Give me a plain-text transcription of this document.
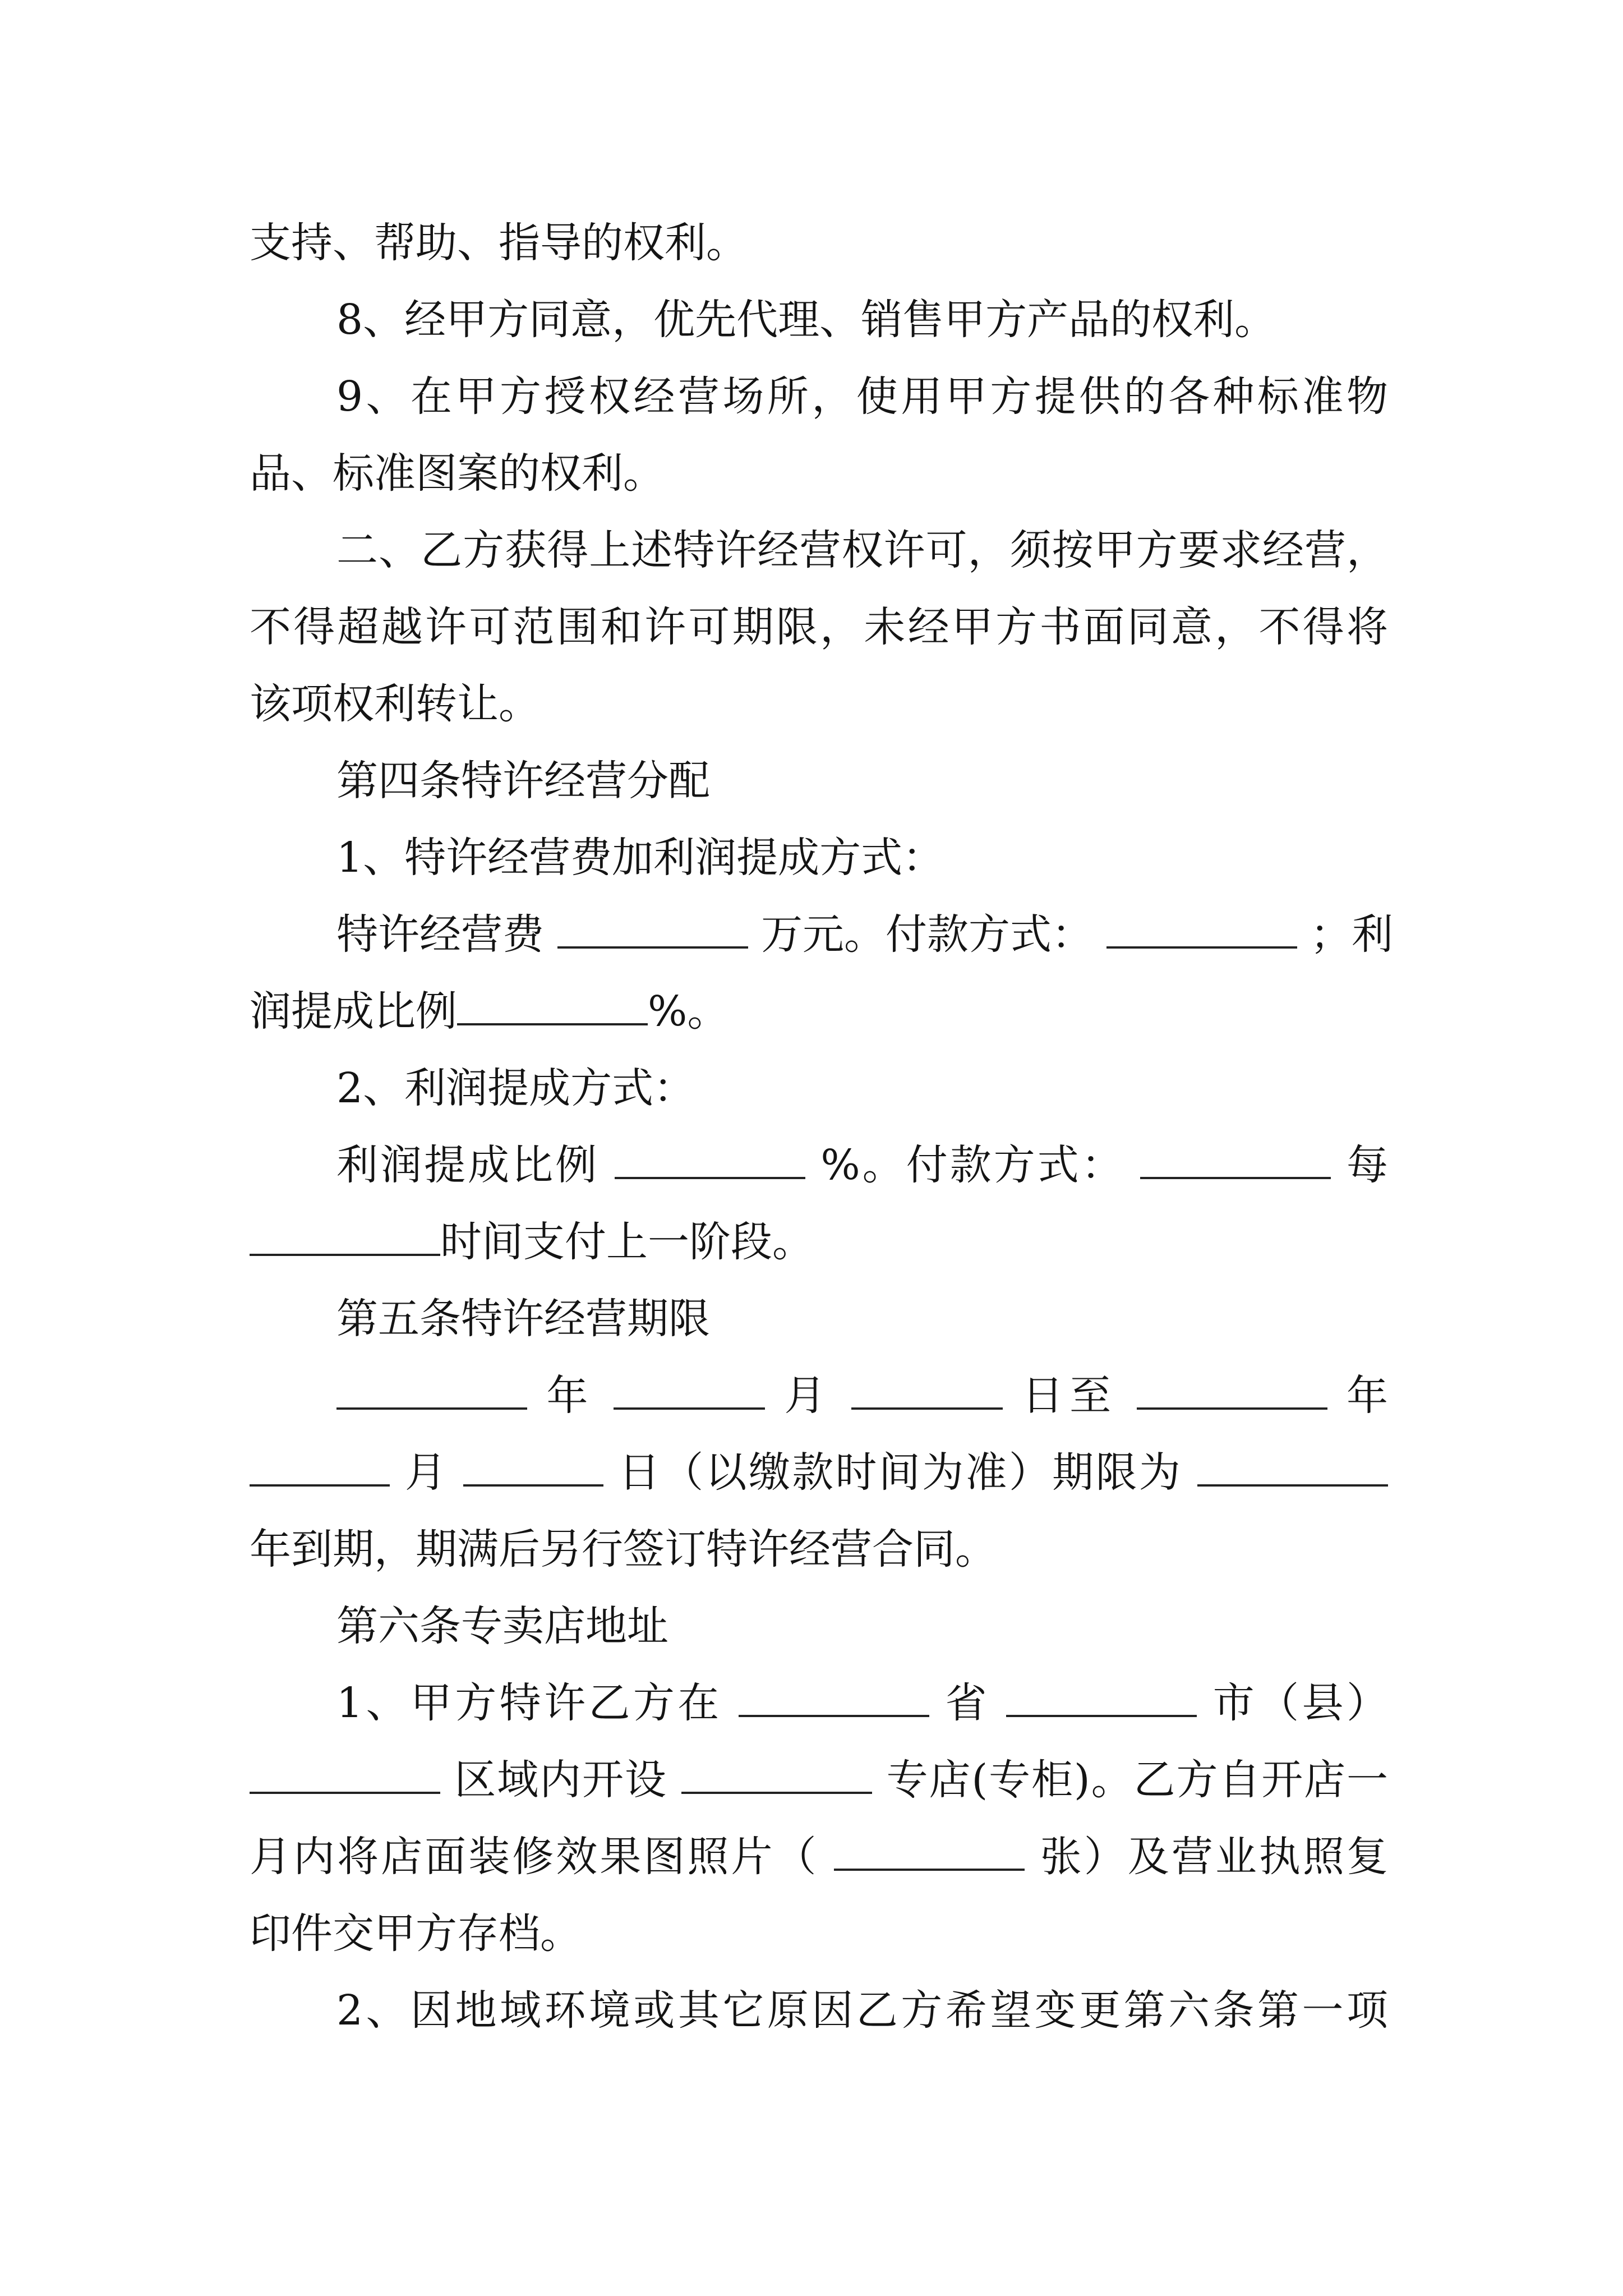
支持、帮助、指导的权利。
8、经甲方同意，优先代理、销售甲方产品的权利。
9、在甲方授权经营场所，使用甲方提供的各种标准物
品、标准图案的权利。
二、乙方获得上述特许经营权许可，须按甲方要求经营，
不得超越许可范围和许可期限，未经甲方书面同意，不得将
该项权利转让。
第四条特许经营分配
1、特许经营费加利润提成方式：
特许经营费	万元。付款方式：	；利
润提成比例	%。
2、利润提成方式：
利润提成比例	%。付款方式：	每
时间支付上一阶段。
第五条特许经营期限
年	月	日至	年
月	日（以缴款时间为准）期限为
年到期，期满后另行签订特许经营合同。
第六条专卖店地址
1、甲方特许乙方在	省	市（县）
区域内开设	专店(专柜)。乙方自开店一
月内将店面装修效果图照片（	张）及营业执照复
印件交甲方存档。
2、因地域环境或其它原因乙方希望变更第六条第一项
